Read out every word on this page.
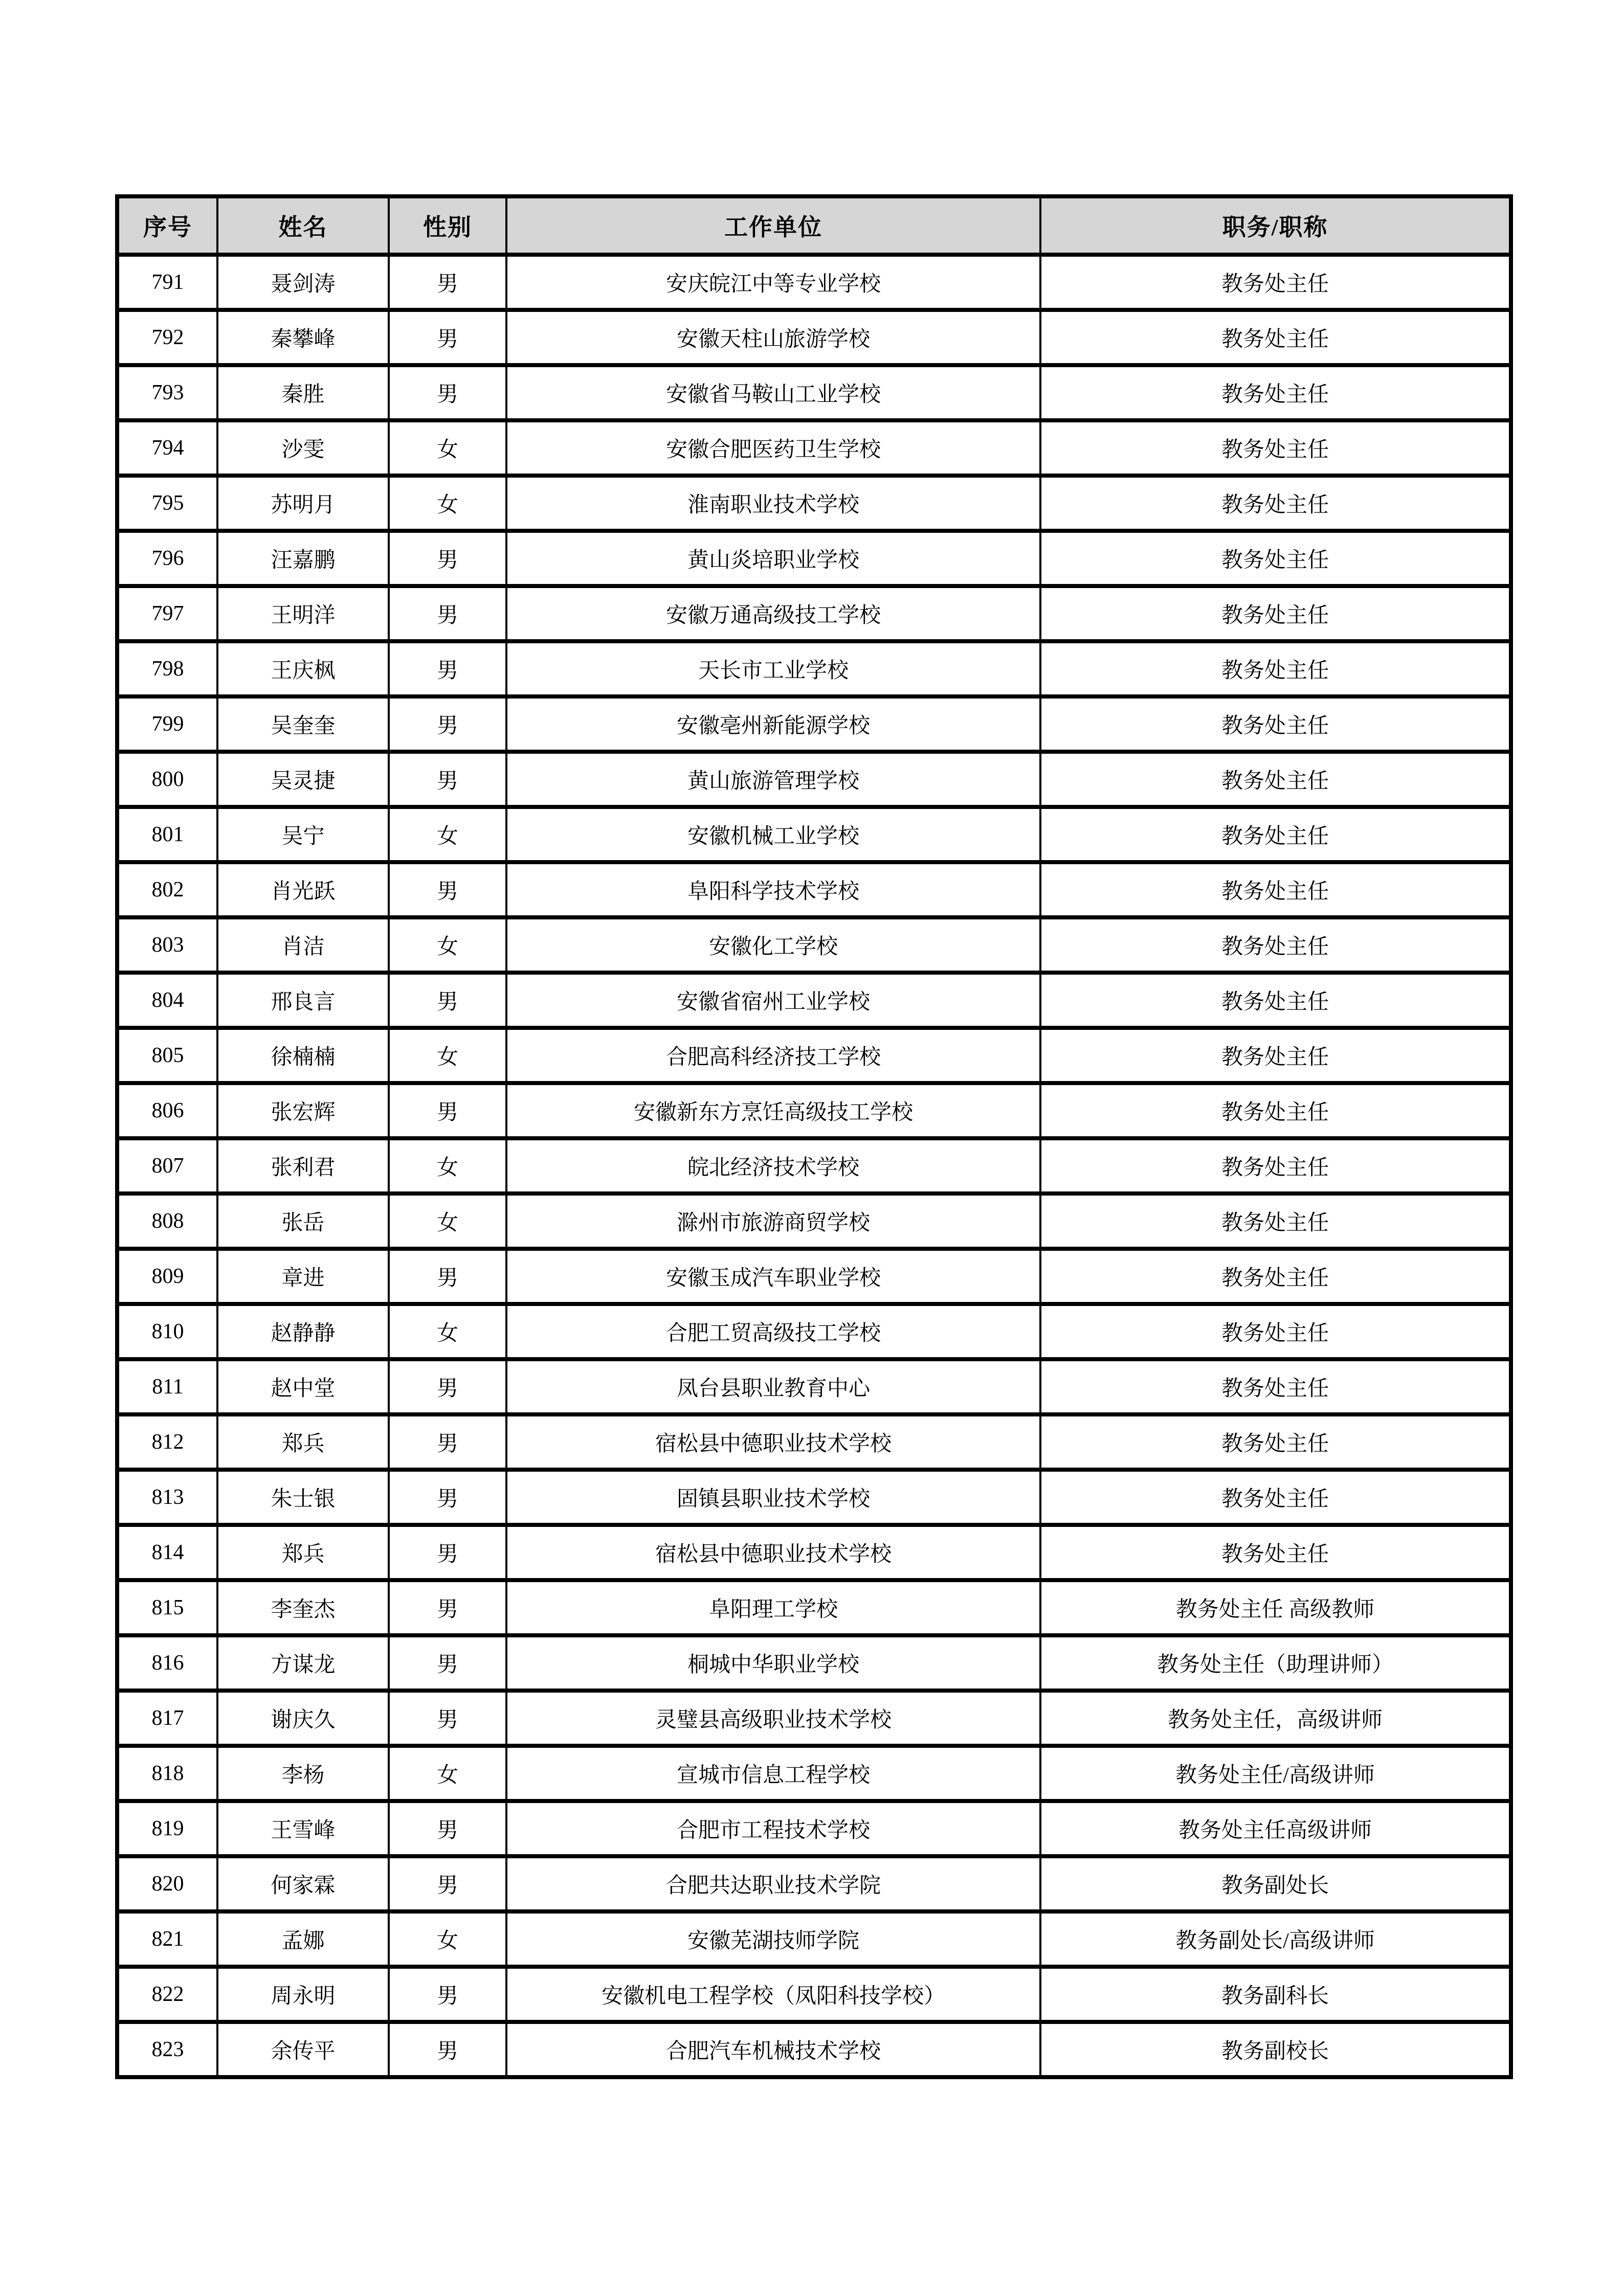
序号	姓名	性别	工作单位	职务/职称
791	聂剑涛	男	安庆皖江中等专业学校	教务处主任
792	秦攀峰	男	安徽天柱山旅游学校	教务处主任
793	秦胜	男	安徽省马鞍山工业学校	教务处主任
794	沙雯	女	安徽合肥医药卫生学校	教务处主任
795	苏明月	女	淮南职业技术学校	教务处主任
796	汪嘉鹏	男	黄山炎培职业学校	教务处主任
797	王明洋	男	安徽万通高级技工学校	教务处主任
798	王庆枫	男	天长市工业学校	教务处主任
799	吴奎奎	男	安徽亳州新能源学校	教务处主任
800	吴灵捷	男	黄山旅游管理学校	教务处主任
801	吴宁	女	安徽机械工业学校	教务处主任
802	肖光跃	男	阜阳科学技术学校	教务处主任
803	肖洁	女	安徽化工学校	教务处主任
804	邢良言	男	安徽省宿州工业学校	教务处主任
805	徐楠楠	女	合肥高科经济技工学校	教务处主任
806	张宏辉	男	安徽新东方烹饪高级技工学校	教务处主任
807	张利君	女	皖北经济技术学校	教务处主任
808	张岳	女	滁州市旅游商贸学校	教务处主任
809	章进	男	安徽玉成汽车职业学校	教务处主任
810	赵静静	女	合肥工贸高级技工学校	教务处主任
811	赵中堂	男	凤台县职业教育中心	教务处主任
812	郑兵	男	宿松县中德职业技术学校	教务处主任
813	朱士银	男	固镇县职业技术学校	教务处主任
814	郑兵	男	宿松县中德职业技术学校	教务处主任
815	李奎杰	男	阜阳理工学校	教务处主任 高级教师
816	方谋龙	男	桐城中华职业学校	教务处主任（助理讲师）
817	谢庆久	男	灵璧县高级职业技术学校	教务处主任，高级讲师
818	李杨	女	宣城市信息工程学校	教务处主任/高级讲师
819	王雪峰	男	合肥市工程技术学校	教务处主任高级讲师
820	何家霖	男	合肥共达职业技术学院	教务副处长
821	孟娜	女	安徽芜湖技师学院	教务副处长/高级讲师
822	周永明	男	安徽机电工程学校（凤阳科技学校）	教务副科长
823	余传平	男	合肥汽车机械技术学校	教务副校长
